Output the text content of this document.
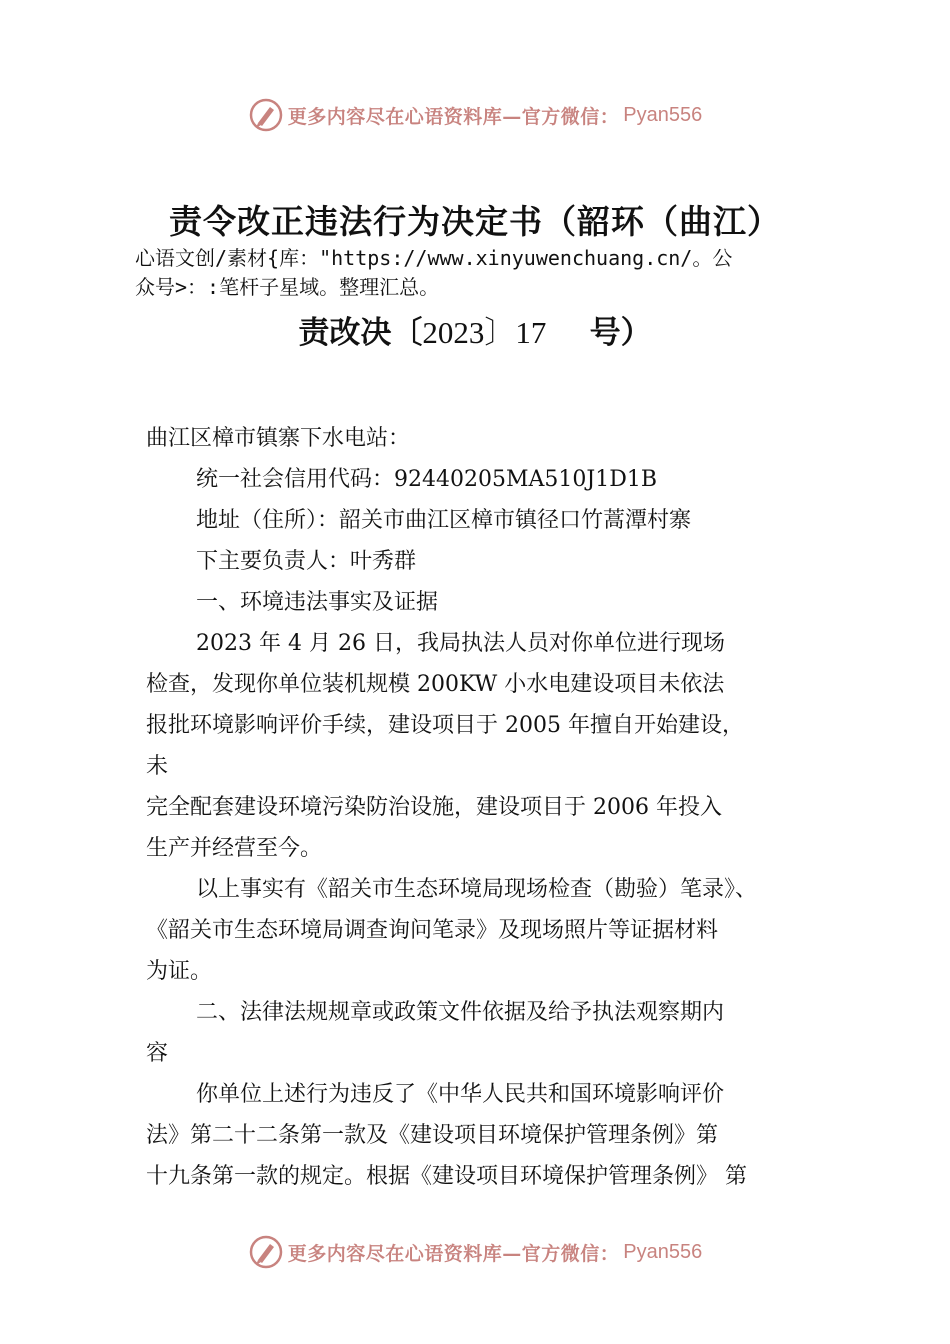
更多内容尽在心语资料库—官方微信： Pyan556
责令改正违法行为决定书（韶环（曲江）
心语文创/素材{库："https://www.xinyuwenchuang.cn/。公
众号>：:笔杆子星域。整理汇总。
责改决〔2023〕17 号）

曲江区樟市镇寨下水电站：

统一社会信用代码：92440205MA510J1D1B

地址（住所）：韶关市曲江区樟市镇径口竹蒿潭村寨

下主要负责人：叶秀群

一、环境违法事实及证据

2023 年 4 月 26 日，我局执法人员对你单位进行现场

检查，发现你单位装机规模 200KW 小水电建设项目未依法

报批环境影响评价手续，建设项目于 2005 年擅自开始建设，

未

完全配套建设环境污染防治设施，建设项目于 2006 年投入

生产并经营至今。

以上事实有《韶关市生态环境局现场检查（勘验）笔录》、

《韶关市生态环境局调查询问笔录》及现场照片等证据材料

为证。

二、法律法规规章或政策文件依据及给予执法观察期内

容

你单位上述行为违反了《中华人民共和国环境影响评价

法》第二十二条第一款及《建设项目环境保护管理条例》第

十九条第一款的规定。根据《建设项目环境保护管理条例》 第

更多内容尽在心语资料库—官方微信： Pyan556
